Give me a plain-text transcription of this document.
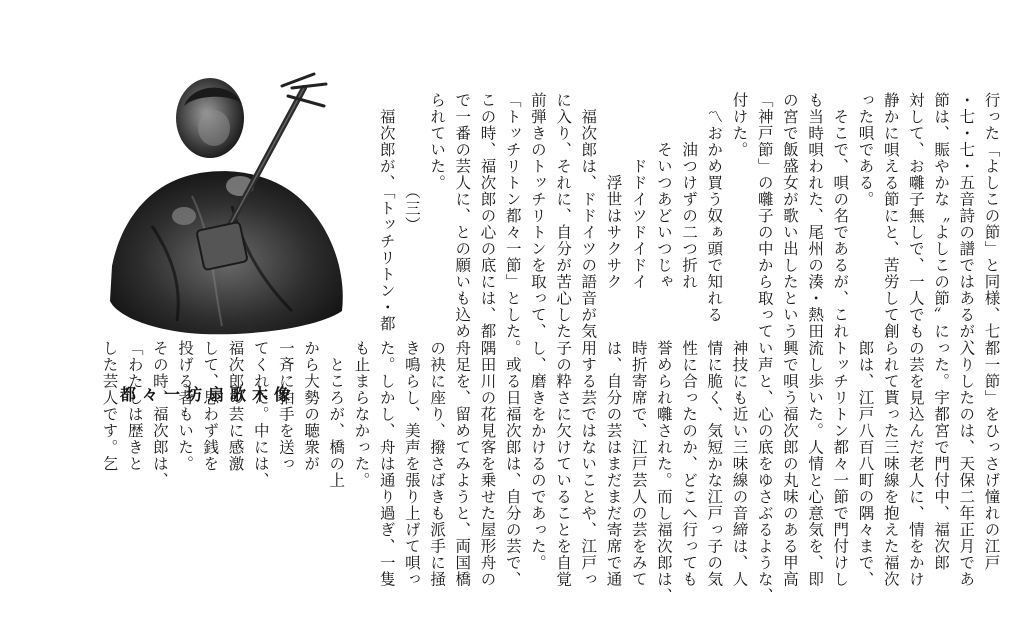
都々一坊扇歌木像
行った「よしこの節」と同様、七
・七・七・五音詩の譜ではあるが、
節は、賑やかな〝よしこの節〟に
対して、お囃子無しで、一人でも
静かに唄える節にと、苦労して創
った唄である。
　そこで、唄の名であるが、これ
も当時唄われた、尾州の湊・熱田
の宮で飯盛女が歌い出したという
「神戸節」の囃子の中から取って
付けた。
　〽おかめ買う奴ぁ頭で知れる
　　　油つけずの二つ折れ
　　　そいつあどいつじゃ
　　　　ドドイツドイドイ
　　　　　浮世はサクサク
　福次郎は、ドドイツの語音が気
に入り、それに、自分が苦心した
前弾きのトッチリトンを取って、
「トッチリトン都々一節」とした。
この時、福次郎の心の底には、都
で一番の芸人に、との願いも込め
られていた。
　　　　　　（三）
　福次郎が、「トッチリトン・都
都一節」をひっさげ憧れの江戸
入りしたのは、天保二年正月であ
った。宇都宮で門付中、福次郎
の芸を見込んだ老人に、情をかけ
られて貰った三味線を抱えた福次
郎は、江戸八百八町の隅々まで、
トッチリトン都々一節で門付けし
流し歩いた。人情と心意気を、即
興で唄う福次郎の丸味のある甲高
い声と、心の底をゆさぶるような、
神技にも近い三味線の音締は、人
情に脆く、気短かな江戸っ子の気
性に合ったのか、どこへ行っても
誉められ囃された。而し福次郎は、
時折寄席で、江戸芸人の芸をみて
は、自分の芸はまだまだ寄席で通
用する芸ではないことや、江戸っ
子の粋さに欠けていることを自覚
し、磨きをかけるのであった。
　或る日福次郎は、自分の芸で、
隅田川の花見客を乗せた屋形舟の
舟足を、留めてみようと、両国橋
の袂に座り、撥さばきも派手に掻
き鳴らし、美声を張り上げて唄っ
た。しかし、舟は通り過ぎ、一隻
も止まらなかった。
　ところが、橋の上
から大勢の聴衆が
一斉に拍手を送っ
てくれた。中には、
福次郎の芸に感激
して、思わず銭を
投げる者もいた。
その時、福次郎は、
「わたしは歴きと
した芸人です。乞
